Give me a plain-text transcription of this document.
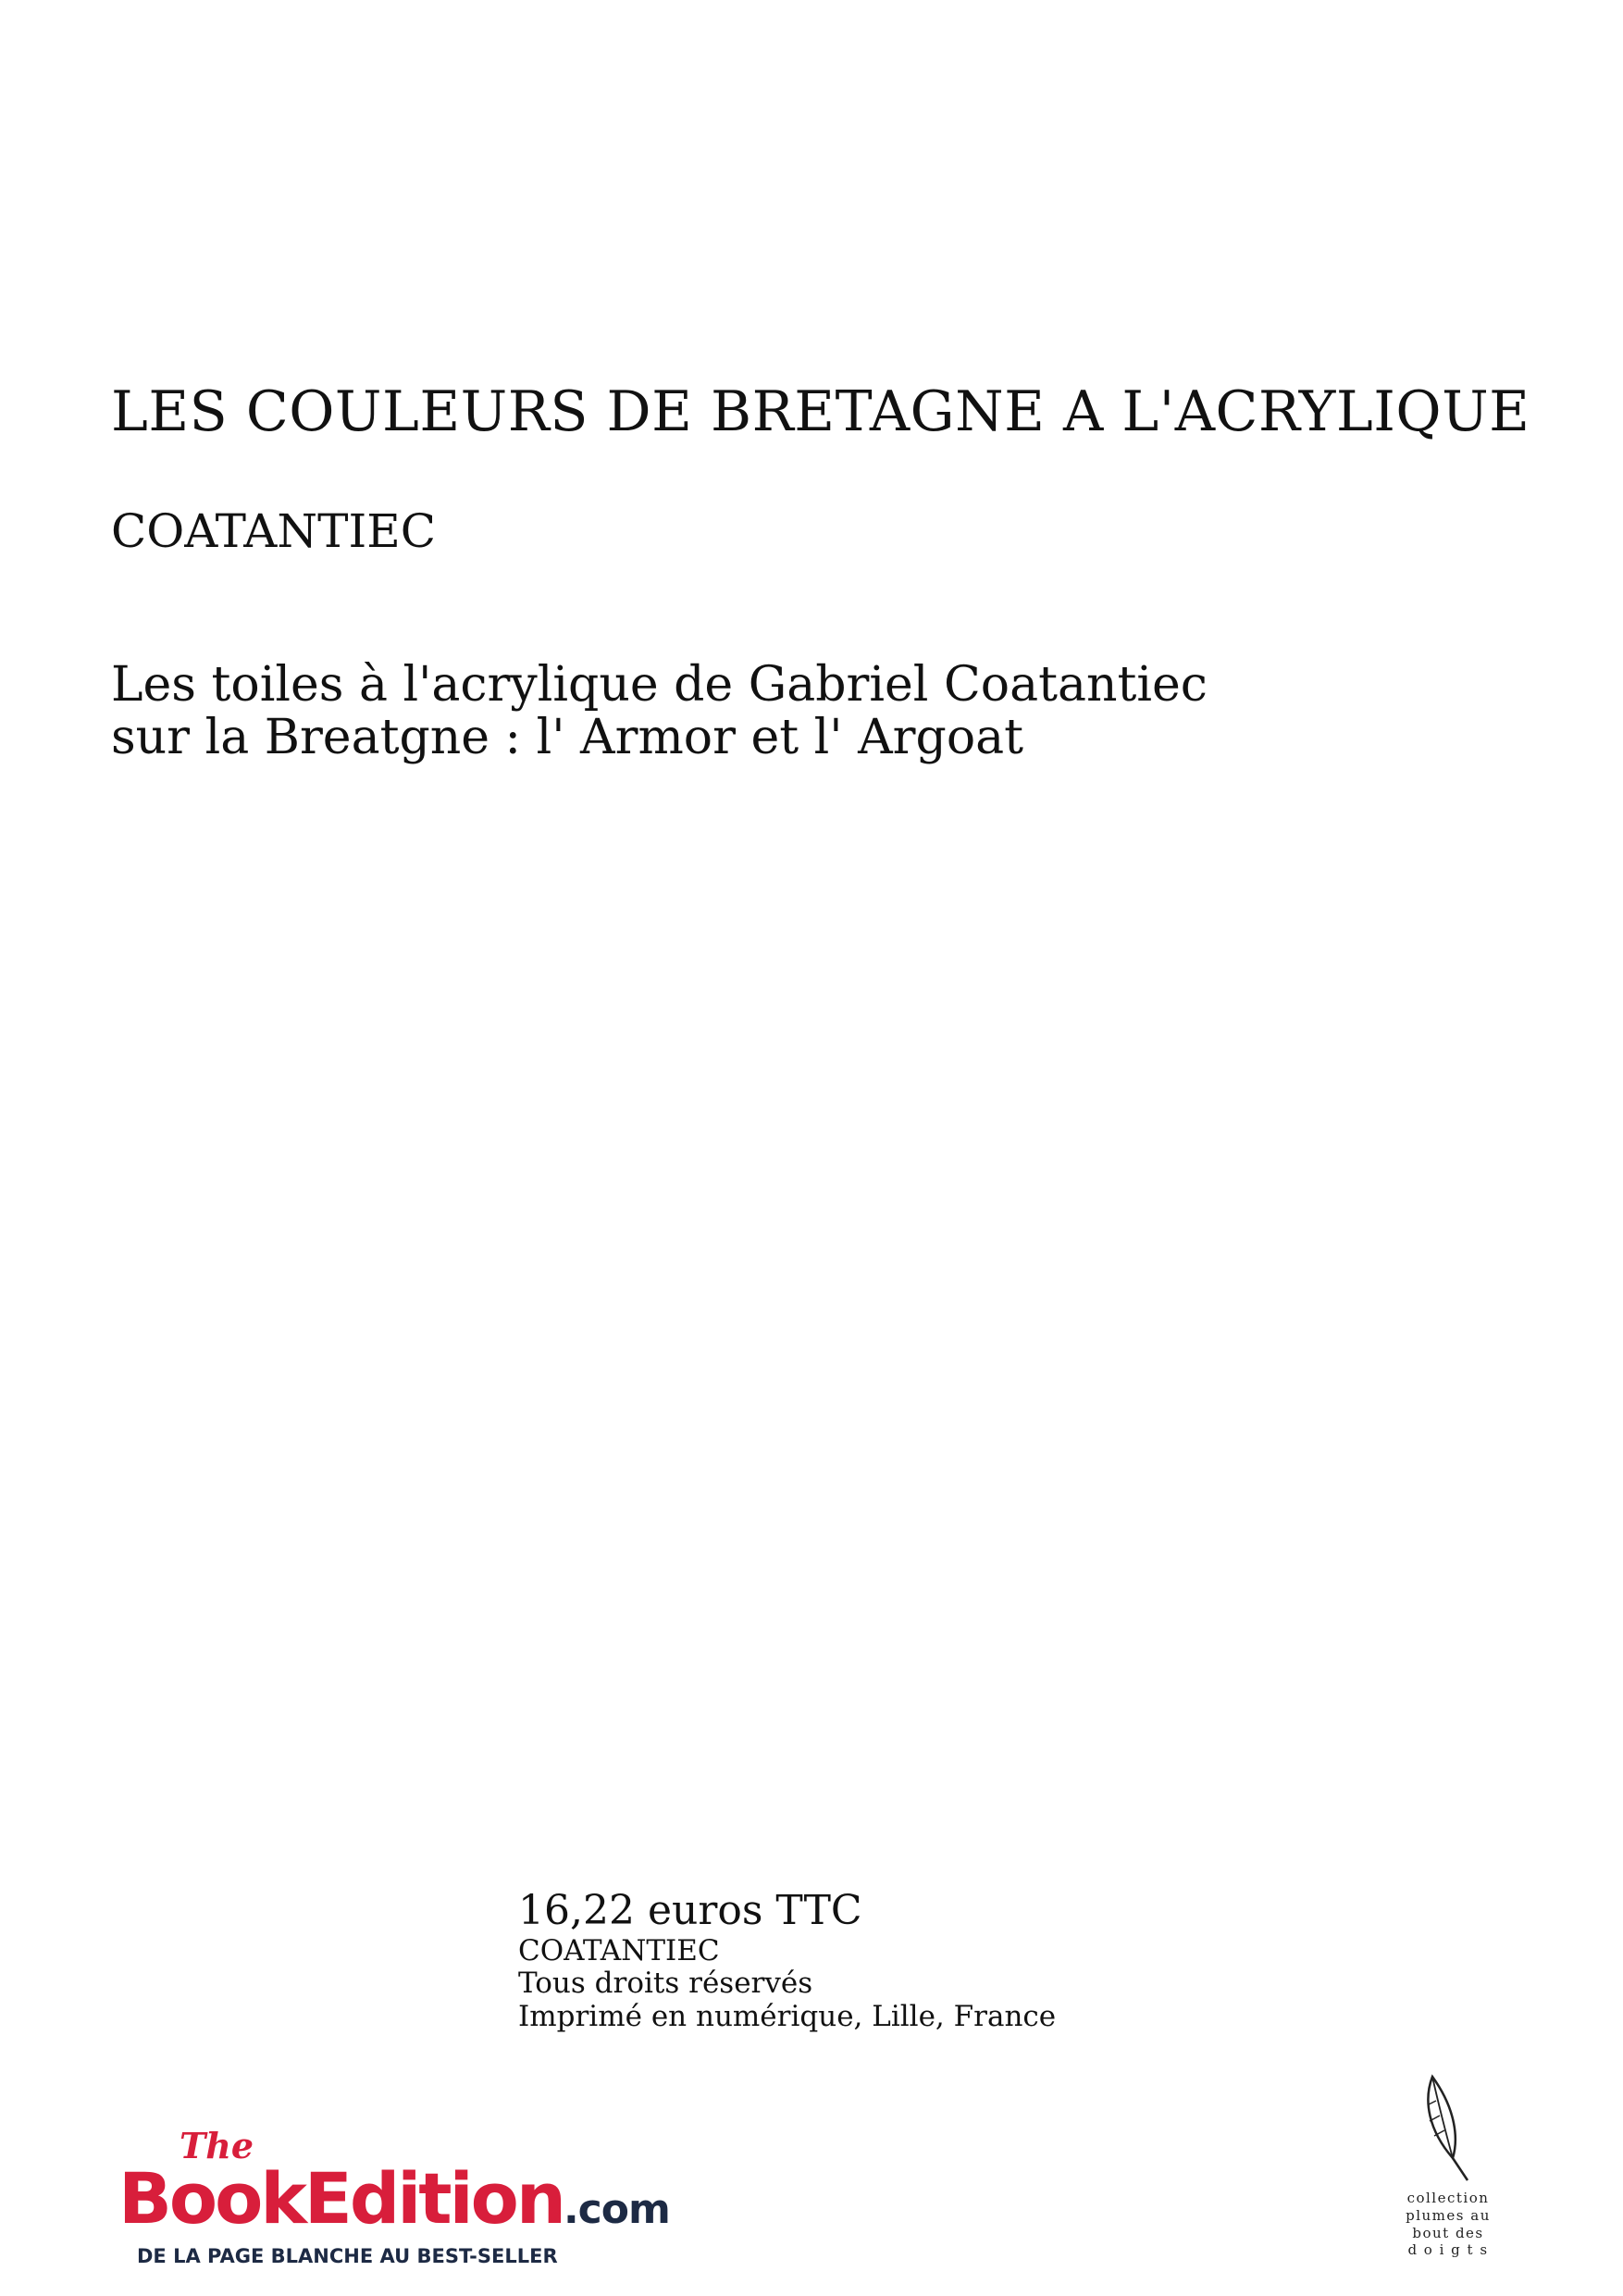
LES COULEURS DE BRETAGNE A L'ACRYLIQUE
COATANTIEC
Les toiles à l'acrylique de Gabriel Coatantiec
sur la Breatgne : l' Armor et l' Argoat
16,22 euros TTC
COATANTIEC
Tous droits réservés
Imprimé en numérique, Lille, France
The
BookEdition.com
DE LA PAGE BLANCHE AU BEST-SELLER
collection
plumes au
bout des
d o i g t s
